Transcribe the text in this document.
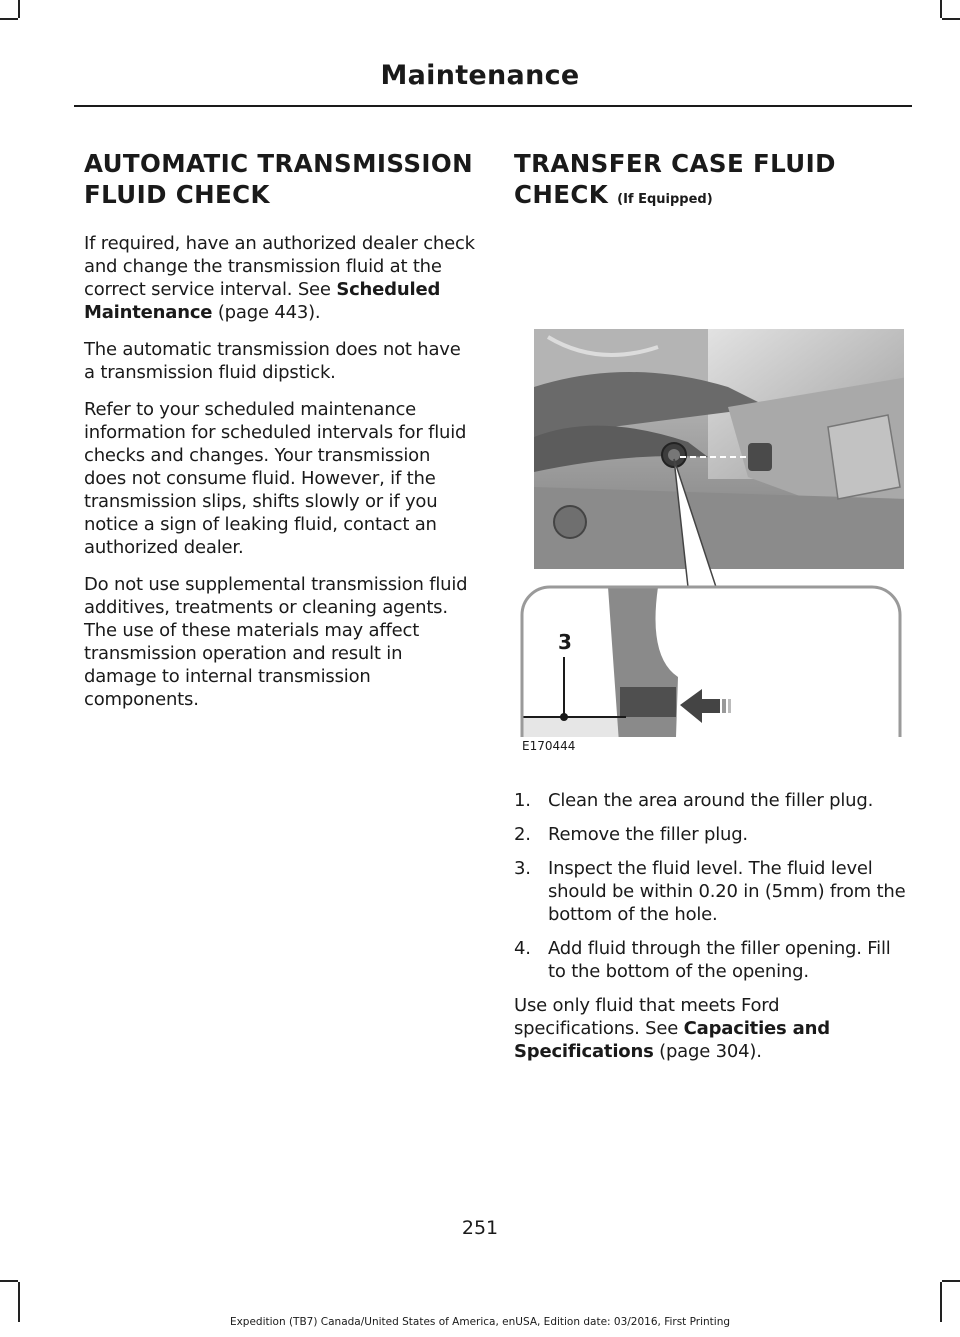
Maintenance
AUTOMATIC TRANSMISSION
FLUID CHECK

If required, have an authorized dealer check and change the transmission fluid at the correct service interval. See Scheduled Maintenance (page 443).

The automatic transmission does not have a transmission fluid dipstick.

Refer to your scheduled maintenance information for scheduled intervals for fluid checks and changes. Your transmission does not consume fluid. However, if the transmission slips, shifts slowly or if you notice a sign of leaking fluid, contact an authorized dealer.

Do not use supplemental transmission fluid additives, treatments or cleaning agents. The use of these materials may affect transmission operation and result in damage to internal transmission components.

TRANSFER CASE FLUID
CHECK (If Equipped)
3
E170444
1. Clean the area around the filler plug.
2. Remove the filler plug.
3. Inspect the fluid level. The fluid level should be within 0.20 in (5mm) from the bottom of the hole.
4. Add fluid through the filler opening. Fill to the bottom of the opening.

Use only fluid that meets Ford specifications. See Capacities and Specifications (page 304).

251
Expedition (TB7) Canada/United States of America, enUSA, Edition date: 03/2016, First Printing
